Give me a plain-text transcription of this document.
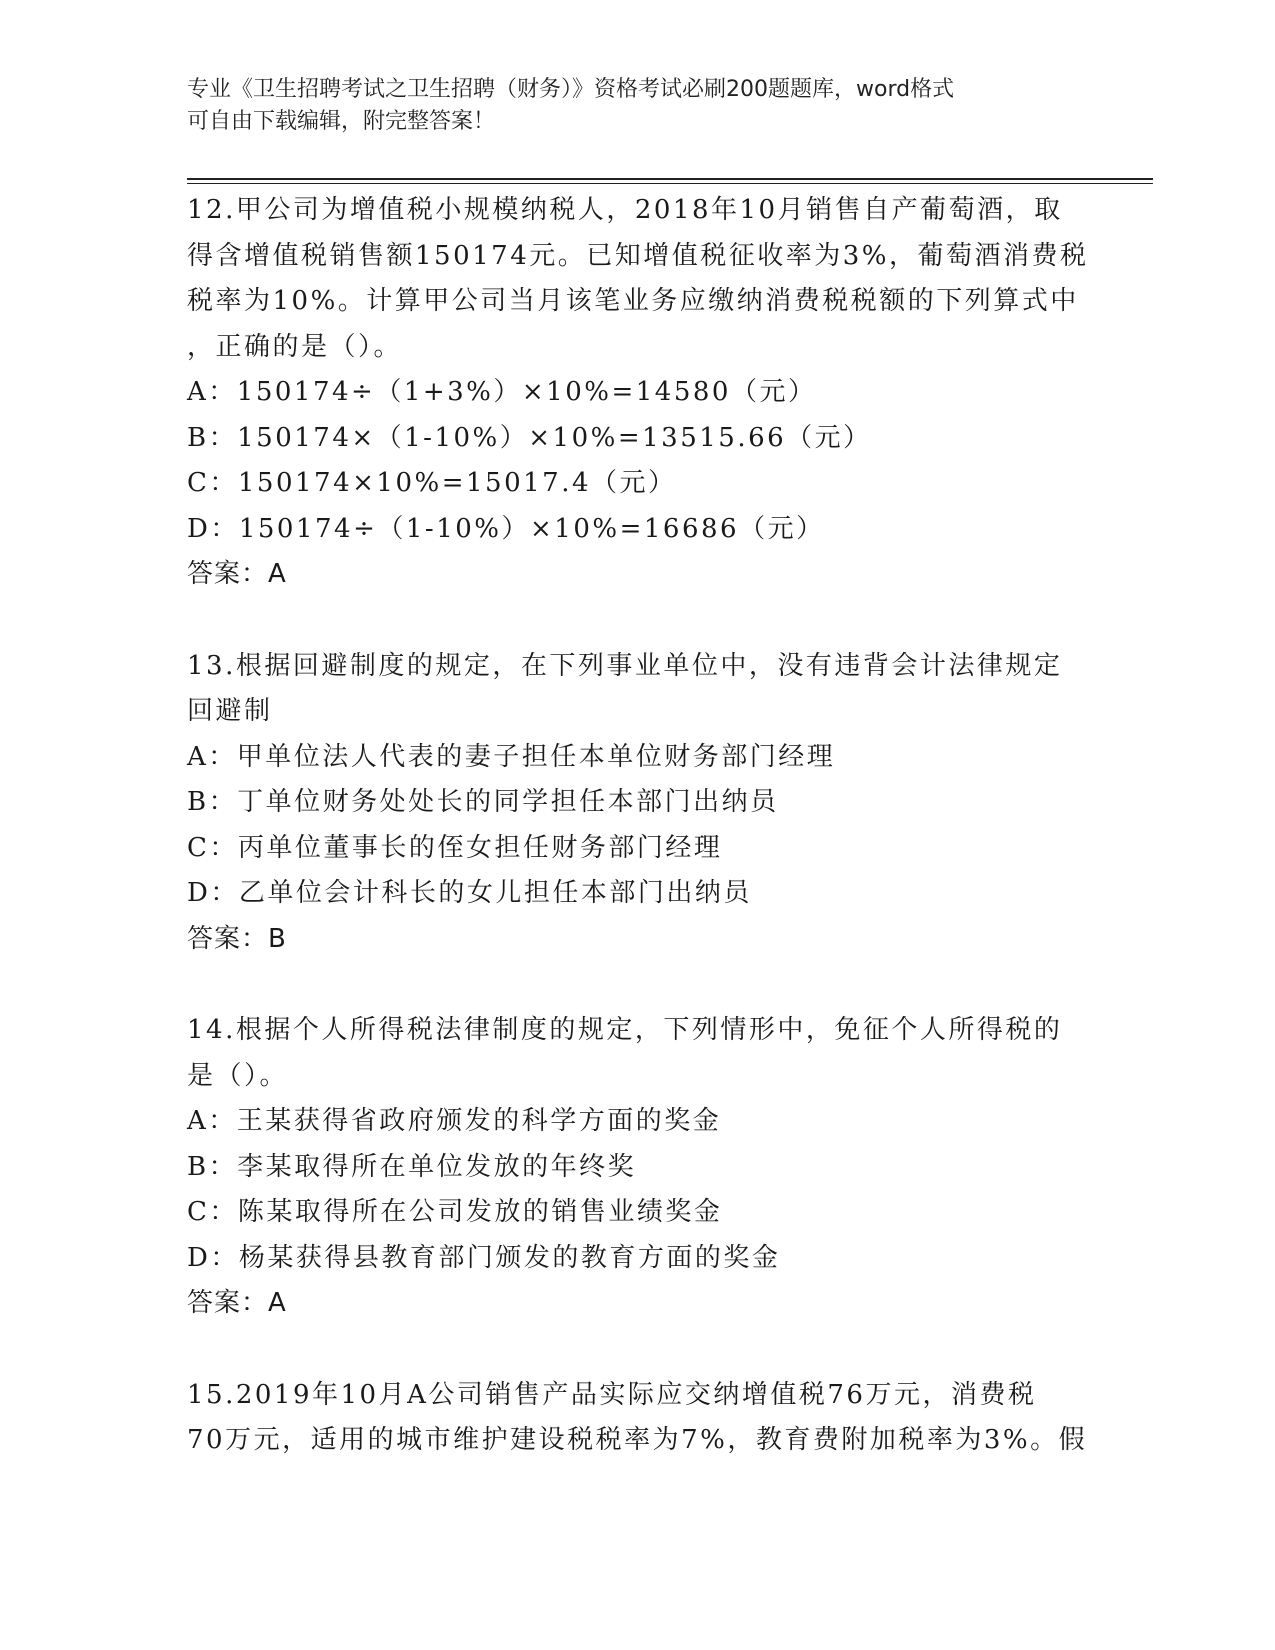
专业《卫生招聘考试之卫生招聘（财务）》资格考试必刷200题题库，word格式
可自由下载编辑，附完整答案！
12.甲公司为增值税小规模纳税人，2018年10月销售自产葡萄酒，取
得含增值税销售额150174元。已知增值税征收率为3%，葡萄酒消费税
税率为10%。计算甲公司当月该笔业务应缴纳消费税税额的下列算式中
，正确的是（）。
A：150174÷（1+3%）×10%=14580（元）
B：150174×（1-10%）×10%=13515.66（元）
C：150174×10%=15017.4（元）
D：150174÷（1-10%）×10%=16686（元）
答案：A
13.根据回避制度的规定，在下列事业单位中，没有违背会计法律规定
回避制
A：甲单位法人代表的妻子担任本单位财务部门经理
B：丁单位财务处处长的同学担任本部门出纳员
C：丙单位董事长的侄女担任财务部门经理
D：乙单位会计科长的女儿担任本部门出纳员
答案：B
14.根据个人所得税法律制度的规定，下列情形中，免征个人所得税的
是（）。
A：王某获得省政府颁发的科学方面的奖金
B：李某取得所在单位发放的年终奖
C：陈某取得所在公司发放的销售业绩奖金
D：杨某获得县教育部门颁发的教育方面的奖金
答案：A
15.2019年10月A公司销售产品实际应交纳增值税76万元，消费税
70万元，适用的城市维护建设税税率为7%，教育费附加税率为3%。假
